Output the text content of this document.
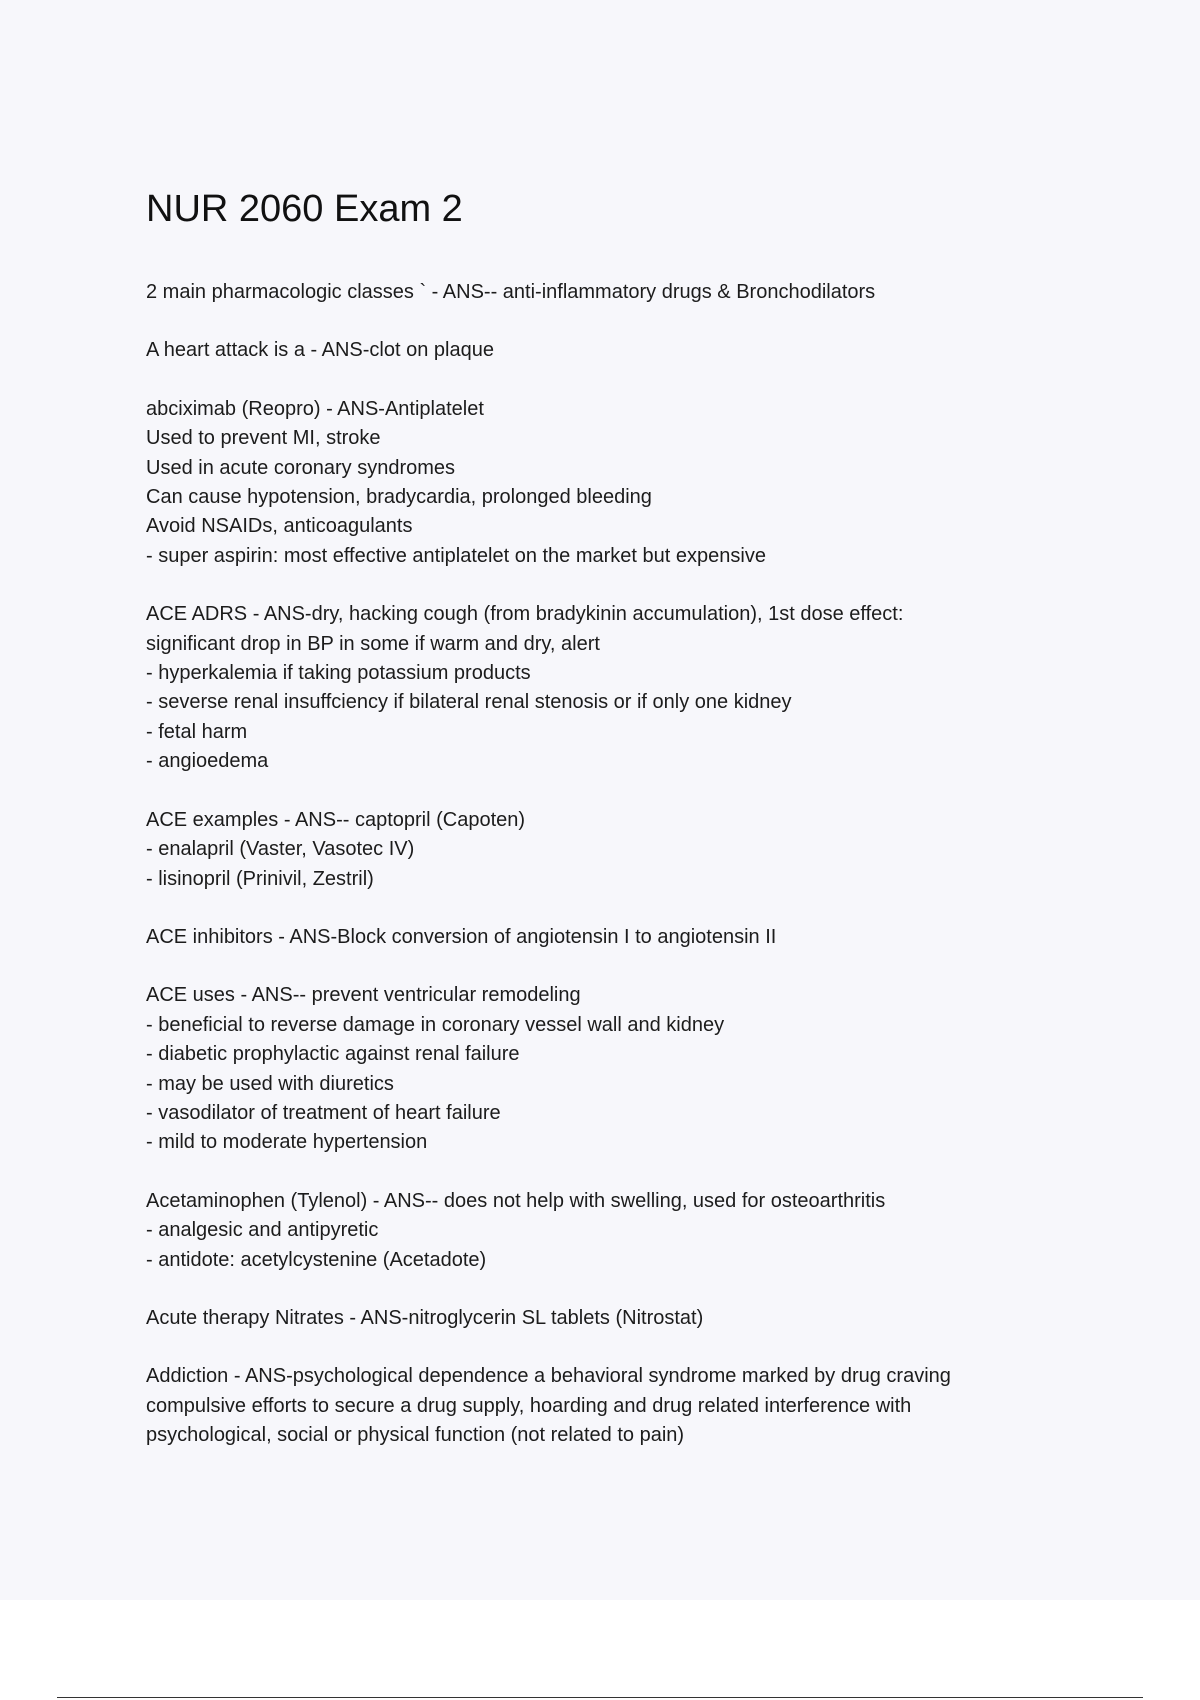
NUR 2060 Exam 2
2 main pharmacologic classes ` - ANS-- anti-inflammatory drugs & Bronchodilators
A heart attack is a - ANS-clot on plaque
abciximab (Reopro) - ANS-Antiplatelet
Used to prevent MI, stroke
Used in acute coronary syndromes
Can cause hypotension, bradycardia, prolonged bleeding
Avoid NSAIDs, anticoagulants
- super aspirin: most effective antiplatelet on the market but expensive
ACE ADRS - ANS-dry, hacking cough (from bradykinin accumulation), 1st dose effect:
significant drop in BP in some if warm and dry, alert
- hyperkalemia if taking potassium products
- severse renal insuffciency if bilateral renal stenosis or if only one kidney
- fetal harm
- angioedema
ACE examples - ANS-- captopril (Capoten)
- enalapril (Vaster, Vasotec IV)
- lisinopril (Prinivil, Zestril)
ACE inhibitors - ANS-Block conversion of angiotensin I to angiotensin II
ACE uses - ANS-- prevent ventricular remodeling
- beneficial to reverse damage in coronary vessel wall and kidney
- diabetic prophylactic against renal failure
- may be used with diuretics
- vasodilator of treatment of heart failure
- mild to moderate hypertension
Acetaminophen (Tylenol) - ANS-- does not help with swelling, used for osteoarthritis
- analgesic and antipyretic
- antidote: acetylcystenine (Acetadote)
Acute therapy Nitrates - ANS-nitroglycerin SL tablets (Nitrostat)
Addiction - ANS-psychological dependence a behavioral syndrome marked by drug craving
compulsive efforts to secure a drug supply, hoarding and drug related interference with
psychological, social or physical function (not related to pain)
